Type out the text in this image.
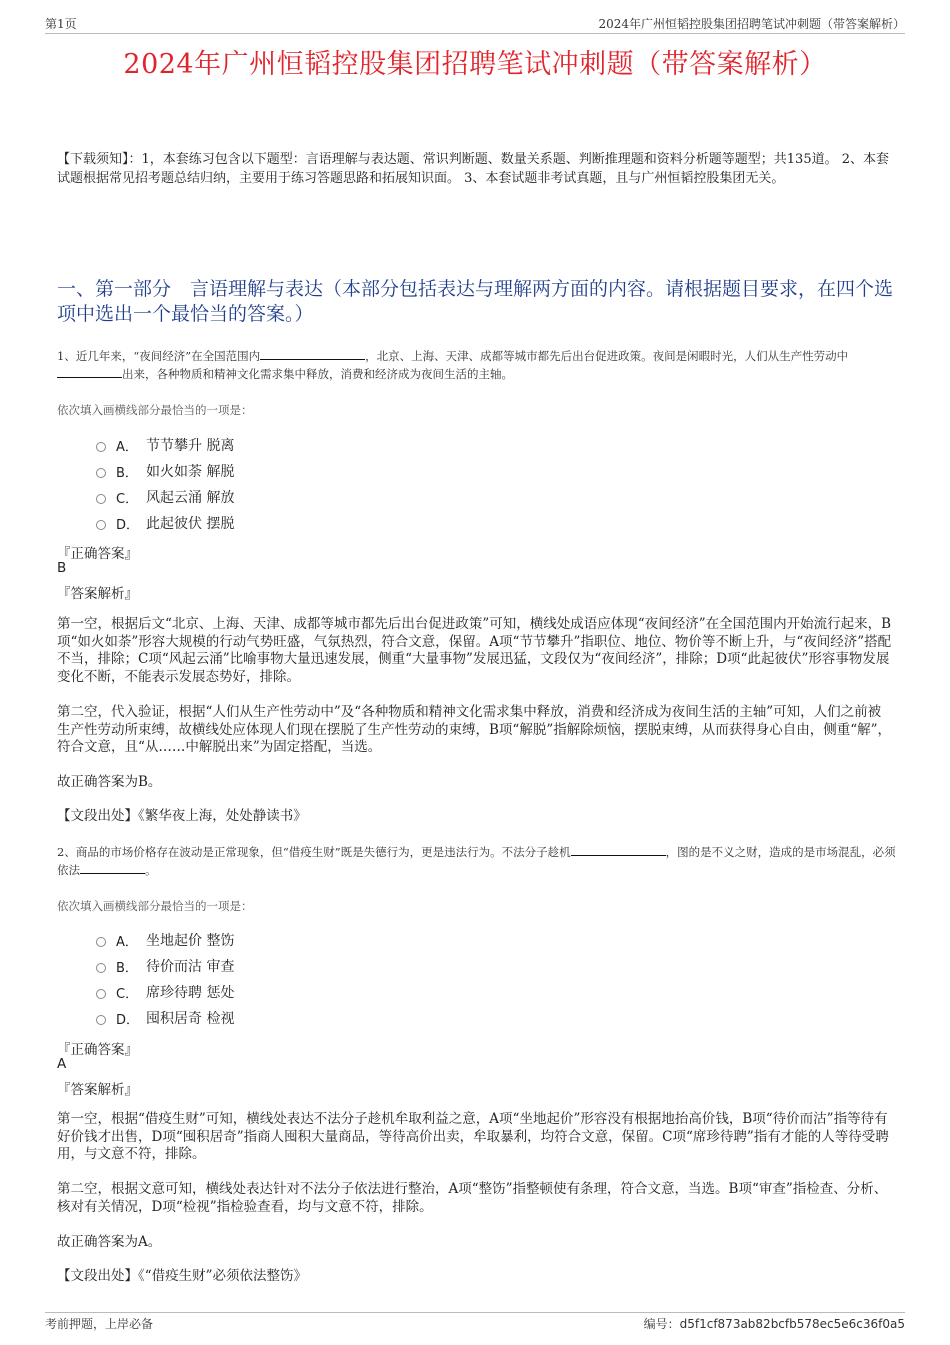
第1页	2024年广州恒韬控股集团招聘笔试冲刺题（带答案解析）
2024年广州恒韬控股集团招聘笔试冲刺题（带答案解析）
【下载须知】：1，本套练习包含以下题型：言语理解与表达题、常识判断题、数量关系题、判断推理题和资料分析题等题型；共135道。 2、本套试题根据常见招考题总结归纳，主要用于练习答题思路和拓展知识面。 3、本套试题非考试真题，且与广州恒韬控股集团无关。
一、第一部分　言语理解与表达（本部分包括表达与理解两方面的内容。请根据题目要求，在四个选项中选出一个最恰当的答案。）
1、近几年来，“夜间经济”在全国范围内	，北京、上海、天津、成都等城市都先后出台促进政策。夜间是闲暇时光，人们从生产性劳动中出来，各种物质和精神文化需求集中释放，消费和经济成为夜间生活的主轴。
依次填入画横线部分最恰当的一项是：
A． 节节攀升 脱离
B． 如火如荼 解脱
C． 风起云涌 解放
D． 此起彼伏 摆脱
『正确答案』
B
『答案解析』
第一空，根据后文“北京、上海、天津、成都等城市都先后出台促进政策”可知，横线处成语应体现“夜间经济”在全国范围内开始流行起来，B项“如火如荼”形容大规模的行动气势旺盛，气氛热烈，符合文意，保留。A项“节节攀升”指职位、地位、物价等不断上升，与“夜间经济”搭配不当，排除；C项“风起云涌”比喻事物大量迅速发展，侧重“大量事物”发展迅猛，文段仅为“夜间经济”，排除；D项“此起彼伏”形容事物发展变化不断，不能表示发展态势好，排除。
第二空，代入验证，根据“人们从生产性劳动中”及“各种物质和精神文化需求集中释放，消费和经济成为夜间生活的主轴”可知，人们之前被生产性劳动所束缚，故横线处应体现人们现在摆脱了生产性劳动的束缚，B项“解脱”指解除烦恼，摆脱束缚，从而获得身心自由，侧重“解”，符合文意，且“从……中解脱出来”为固定搭配，当选。
故正确答案为B。
【文段出处】《繁华夜上海，处处静读书》
2、商品的市场价格存在波动是正常现象，但“借疫生财”既是失德行为，更是违法行为。不法分子趁机	，图的是不义之财，造成的是市场混乱，必须依法	。
依次填入画横线部分最恰当的一项是：
A． 坐地起价 整饬
B． 待价而沽 审查
C． 席珍待聘 惩处
D． 囤积居奇 检视
『正确答案』
A
『答案解析』
第一空，根据“借疫生财”可知，横线处表达不法分子趁机牟取利益之意，A项“坐地起价”形容没有根据地抬高价钱，B项“待价而沽”指等待有好价钱才出售，D项“囤积居奇”指商人囤积大量商品，等待高价出卖，牟取暴利，均符合文意，保留。C项“席珍待聘”指有才能的人等待受聘用，与文意不符，排除。
第二空，根据文意可知，横线处表达针对不法分子依法进行整治，A项“整饬”指整顿使有条理，符合文意，当选。B项“审查”指检查、分析、核对有关情况，D项“检视”指检验查看，均与文意不符，排除。
故正确答案为A。
【文段出处】《“借疫生财”必须依法整饬》
考前押题，上岸必备	编号：d5f1cf873ab82bcfb578ec5e6c36f0a5
